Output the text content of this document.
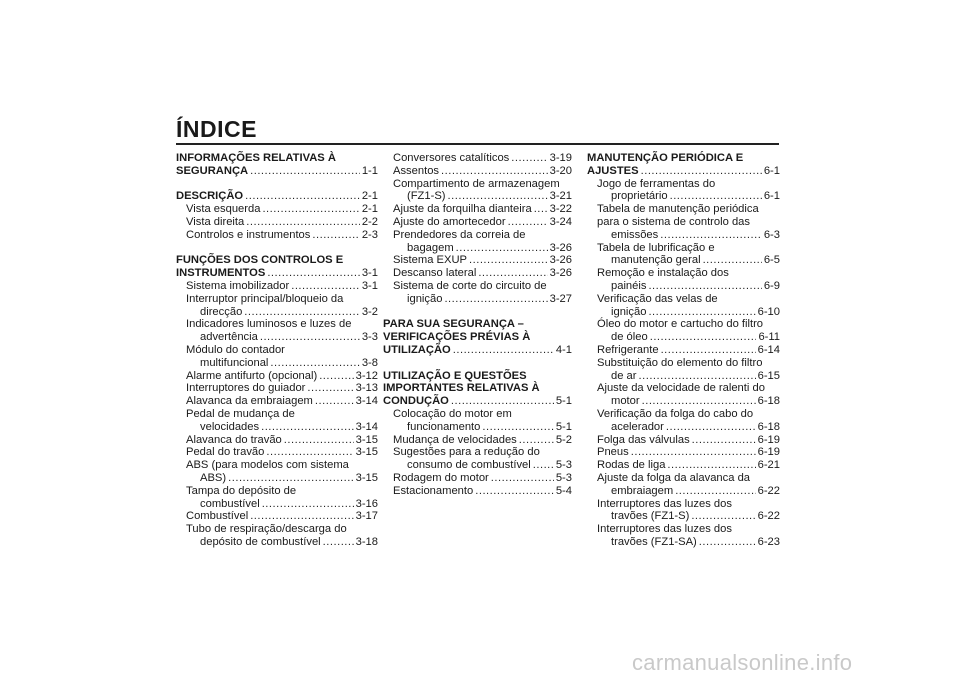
ÍNDICE
INFORMAÇÕES RELATIVAS À
SEGURANÇA .....	1-1
DESCRIÇÃO .....	2-1
Vista esquerda .....	2-1
Vista direita .....	2-2
Controlos e instrumentos .....	2-3
FUNÇÕES DOS CONTROLOS E
INSTRUMENTOS .....	3-1
Sistema imobilizador .....	3-1
Interruptor principal/bloqueio da
direcção .....	3-2
Indicadores luminosos e luzes de
advertência .....	3-3
Módulo do contador
multifuncional .....	3-8
Alarme antifurto (opcional) .....	3-12
Interruptores do guiador .....	3-13
Alavanca da embraiagem .....	3-14
Pedal de mudança de
velocidades .....	3-14
Alavanca do travão .....	3-15
Pedal do travão .....	3-15
ABS (para modelos com sistema
ABS) .....	3-15
Tampa do depósito de
combustível .....	3-16
Combustível .....	3-17
Tubo de respiração/descarga do
depósito de combustível .....	3-18
Conversores catalíticos .....	3-19
Assentos .....	3-20
Compartimento de armazenagem
(FZ1-S) .....	3-21
Ajuste da forquilha dianteira ..... 3-22
Ajuste do amortecedor .....	3-24
Prendedores da correia de
bagagem .....	3-26
Sistema EXUP .....	3-26
Descanso lateral .....	3-26
Sistema de corte do circuito de
ignição .....	3-27
PARA SUA SEGURANÇA –
VERIFICAÇÕES PRÉVIAS À
UTILIZAÇÃO .....	4-1
UTILIZAÇÃO E QUESTÕES
IMPORTANTES RELATIVAS À
CONDUÇÃO .....	5-1
Colocação do motor em
funcionamento .....	5-1
Mudança de velocidades .....	5-2
Sugestões para a redução do
consumo de combustível ..... 5-3
Rodagem do motor .....	5-3
Estacionamento .....	5-4
MANUTENÇÃO PERIÓDICA E
AJUSTES .....	6-1
Jogo de ferramentas do
proprietário .....	6-1
Tabela de manutenção periódica
para o sistema de controlo das
emissões .....	6-3
Tabela de lubrificação e
manutenção geral .....	6-5
Remoção e instalação dos
painéis .....	6-9
Verificação das velas de
ignição .....	6-10
Óleo do motor e cartucho do filtro
de óleo .....	6-11
Refrigerante .....	6-14
Substituição do elemento do filtro
de ar .....	6-15
Ajuste da velocidade de ralenti do
motor .....	6-18
Verificação da folga do cabo do
acelerador .....	6-18
Folga das válvulas .....	6-19
Pneus .....	6-19
Rodas de liga .....	6-21
Ajuste da folga da alavanca da
embraiagem .....	6-22
Interruptores das luzes dos
travões (FZ1-S) .....	6-22
Interruptores das luzes dos
travões (FZ1-SA) .....	6-23
carmanualsonline.info
